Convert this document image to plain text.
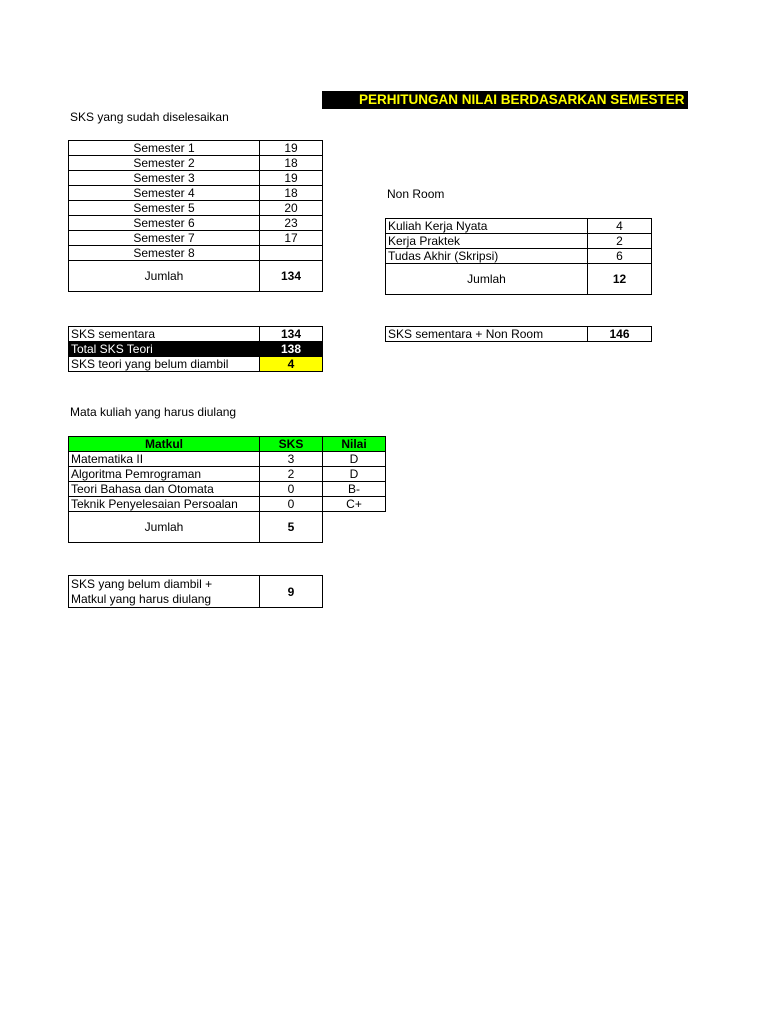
PERHITUNGAN NILAI BERDASARKAN SEMESTER
SKS yang sudah diselesaikan
Semester 1	19
Semester 2	18
Semester 3	19
Semester 4	18
Semester 5	20
Semester 6	23
Semester 7	17
Semester 8	
Jumlah	134
Non Room
Kuliah Kerja Nyata	4
Kerja Praktek	2
Tudas Akhir (Skripsi)	6
Jumlah	12
SKS sementara	134
Total SKS Teori	138
SKS teori yang belum diambil	4
SKS sementara + Non Room	146
Mata kuliah yang harus diulang
Matkul	SKS	Nilai
Matematika II	3	D
Algoritma Pemrograman	2	D
Teori Bahasa dan Otomata	0	B-
Teknik Penyelesaian Persoalan	0	C+
Jumlah	5	
SKS yang belum diambil +
Matkul yang harus diulang	9
